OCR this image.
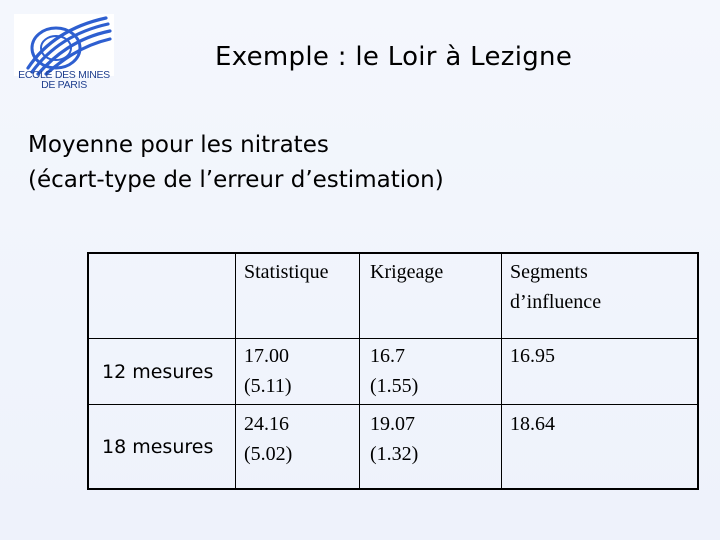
ECOLE DES MINES
DE PARIS
Exemple : le Loir à Lezigne
Moyenne pour les nitrates
(écart-type de l’erreur d’estimation)
Statistique Krigeage	Segments
d’influence
12 mesures
17.00
(5.11)
16.7
(1.55)
16.95
18 mesures
24.16
(5.02)
19.07
(1.32)
18.64
